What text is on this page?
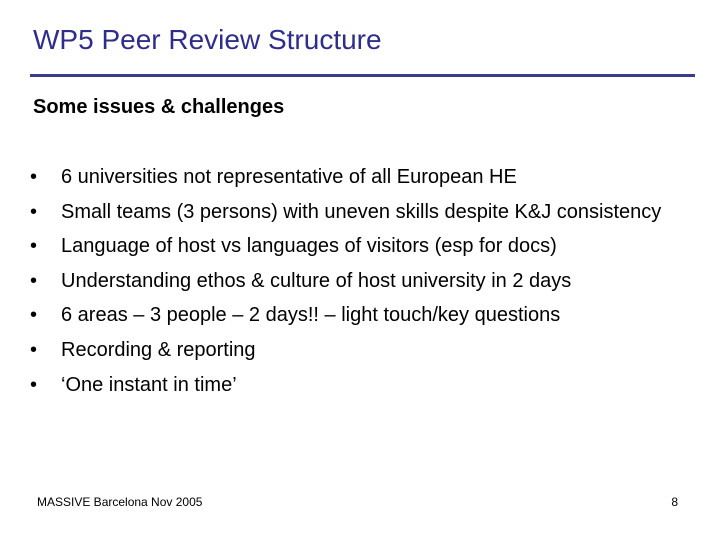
WP5 Peer Review Structure
Some issues & challenges
•	6 universities not representative of all European HE
•	Small teams (3 persons) with uneven skills despite K&J consistency
•	Language of host vs languages of visitors (esp for docs)
•	Understanding ethos & culture of host university in 2 days
•	6 areas – 3 people – 2 days!! – light touch/key questions
•	Recording & reporting
•	‘One instant in time’
MASSIVE Barcelona Nov 2005	8
